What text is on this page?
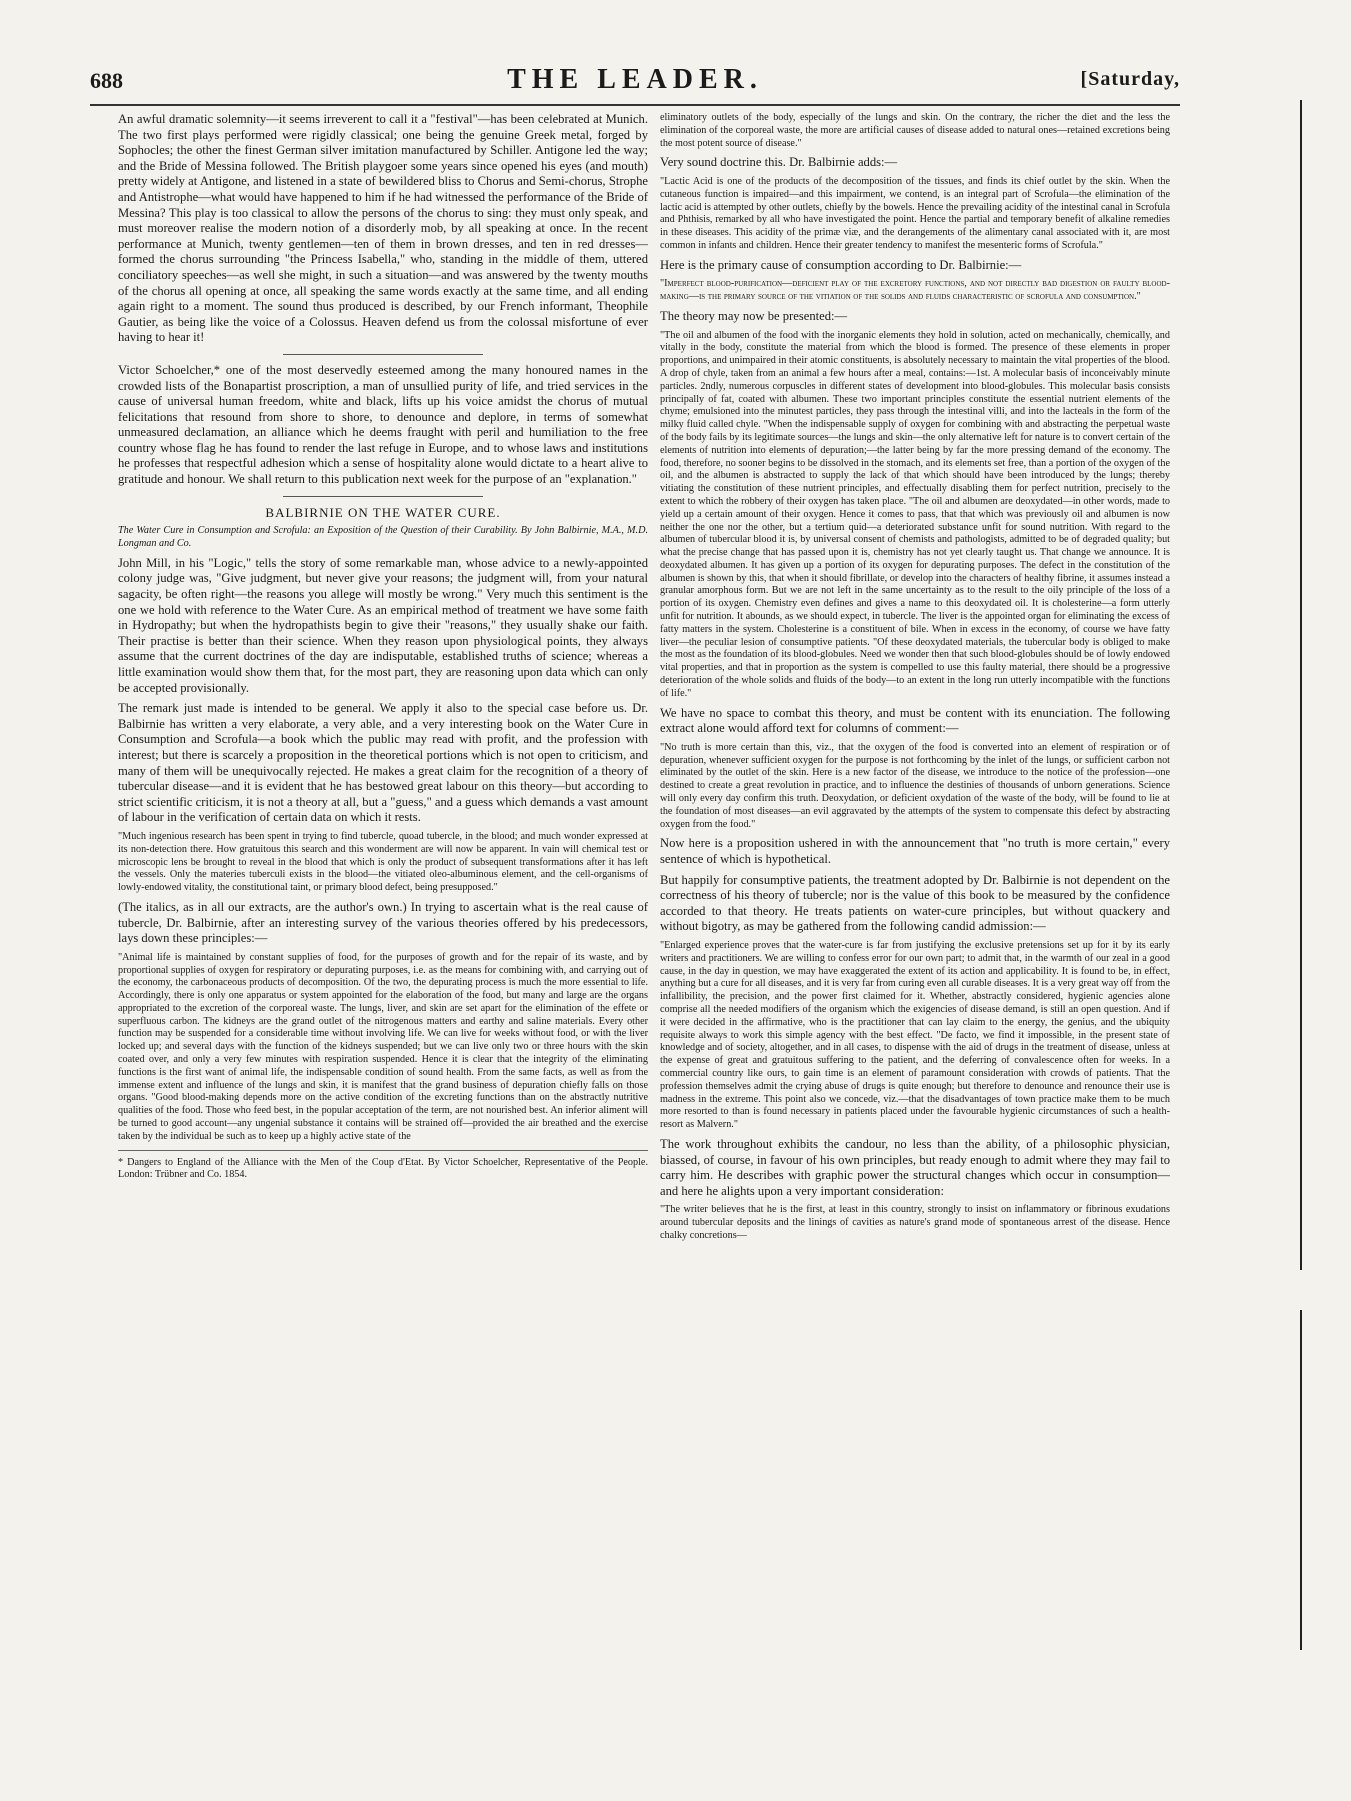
688	THE LEADER.	[Saturday,

An awful dramatic solemnity—it seems irreverent to call it a "festival"—has been celebrated at Munich. The two first plays performed were rigidly classical; one being the genuine Greek metal, forged by Sophocles; the other the finest German silver imitation manufactured by Schiller. Antigone led the way; and the Bride of Messina followed. The British playgoer some years since opened his eyes (and mouth) pretty widely at Antigone, and listened in a state of bewildered bliss to Chorus and Semi-chorus, Strophe and Antistrophe—what would have happened to him if he had witnessed the performance of the Bride of Messina? This play is too classical to allow the persons of the chorus to sing: they must only speak, and must moreover realise the modern notion of a disorderly mob, by all speaking at once. In the recent performance at Munich, twenty gentlemen—ten of them in brown dresses, and ten in red dresses—formed the chorus surrounding "the Princess Isabella," who, standing in the middle of them, uttered conciliatory speeches—as well she might, in such a situation—and was answered by the twenty mouths of the chorus all opening at once, all speaking the same words exactly at the same time, and all ending again right to a moment. The sound thus produced is described, by our French informant, Theophile Gautier, as being like the voice of a Colossus. Heaven defend us from the colossal misfortune of ever having to hear it!

Victor Schoelcher,* one of the most deservedly esteemed among the many honoured names in the crowded lists of the Bonapartist proscription, a man of unsullied purity of life, and tried services in the cause of universal human freedom, white and black, lifts up his voice amidst the chorus of mutual felicitations that resound from shore to shore, to denounce and deplore, in terms of somewhat unmeasured declamation, an alliance which he deems fraught with peril and humiliation to the free country whose flag he has found to render the last refuge in Europe, and to whose laws and institutions he professes that respectful adhesion which a sense of hospitality alone would dictate to a heart alive to gratitude and honour. We shall return to this publication next week for the purpose of an "explanation."

BALBIRNIE ON THE WATER CURE.

The Water Cure in Consumption and Scrofula: an Exposition of the Question of their Curability. By John Balbirnie, M.A., M.D. Longman and Co.

John Mill, in his "Logic," tells the story of some remarkable man, whose advice to a newly-appointed colony judge was, "Give judgment, but never give your reasons; the judgment will, from your natural sagacity, be often right—the reasons you allege will mostly be wrong." Very much this sentiment is the one we hold with reference to the Water Cure. As an empirical method of treatment we have some faith in Hydropathy; but when the hydropathists begin to give their "reasons," they usually shake our faith. Their practise is better than their science. When they reason upon physiological points, they always assume that the current doctrines of the day are indisputable, established truths of science; whereas a little examination would show them that, for the most part, they are reasoning upon data which can only be accepted provisionally.

The remark just made is intended to be general. We apply it also to the special case before us. Dr. Balbirnie has written a very elaborate, a very able, and a very interesting book on the Water Cure in Consumption and Scrofula—a book which the public may read with profit, and the profession with interest; but there is scarcely a proposition in the theoretical portions which is not open to criticism, and many of them will be unequivocally rejected. He makes a great claim for the recognition of a theory of tubercular disease—and it is evident that he has bestowed great labour on this theory—but according to strict scientific criticism, it is not a theory at all, but a "guess," and a guess which demands a vast amount of labour in the verification of certain data on which it rests.

"Much ingenious research has been spent in trying to find tubercle, quoad tubercle, in the blood; and much wonder expressed at its non-detection there. How gratuitous this search and this wonderment are will now be apparent. In vain will chemical test or microscopic lens be brought to reveal in the blood that which is only the product of subsequent transformations after it has left the vessels. Only the materies tuberculi exists in the blood—the vitiated oleo-albuminous element, and the cell-organisms of lowly-endowed vitality, the constitutional taint, or primary blood defect, being presupposed."

(The italics, as in all our extracts, are the author's own.) In trying to ascertain what is the real cause of tubercle, Dr. Balbirnie, after an interesting survey of the various theories offered by his predecessors, lays down these principles:—

"Animal life is maintained by constant supplies of food, for the purposes of growth and for the repair of its waste, and by proportional supplies of oxygen for respiratory or depurating purposes, i.e. as the means for combining with, and carrying out of the economy, the carbonaceous products of decomposition. Of the two, the depurating process is much the more essential to life. Accordingly, there is only one apparatus or system appointed for the elaboration of the food, but many and large are the organs appropriated to the excretion of the corporeal waste. The lungs, liver, and skin are set apart for the elimination of the effete or superfluous carbon. The kidneys are the grand outlet of the nitrogenous matters and earthy and saline materials. Every other function may be suspended for a considerable time without involving life. We can live for weeks without food, or with the liver locked up; and several days with the function of the kidneys suspended; but we can live only two or three hours with the skin coated over, and only a very few minutes with respiration suspended. Hence it is clear that the integrity of the eliminating functions is the first want of animal life, the indispensable condition of sound health. From the same facts, as well as from the immense extent and influence of the lungs and skin, it is manifest that the grand business of depuration chiefly falls on those organs. "Good blood-making depends more on the active condition of the excreting functions than on the abstractly nutritive qualities of the food. Those who feed best, in the popular acceptation of the term, are not nourished best. An inferior aliment will be turned to good account—any ungenial substance it contains will be strained off—provided the air breathed and the exercise taken by the individual be such as to keep up a highly active state of the

* Dangers to England of the Alliance with the Men of the Coup d'Etat. By Victor Schoelcher, Representative of the People. London: Trübner and Co. 1854.

eliminatory outlets of the body, especially of the lungs and skin. On the contrary, the richer the diet and the less the elimination of the corporeal waste, the more are artificial causes of disease added to natural ones—retained excretions being the most potent source of disease."

Very sound doctrine this. Dr. Balbirnie adds:—

"Lactic Acid is one of the products of the decomposition of the tissues, and finds its chief outlet by the skin. When the cutaneous function is impaired—and this impairment, we contend, is an integral part of Scrofula—the elimination of the lactic acid is attempted by other outlets, chiefly by the bowels. Hence the prevailing acidity of the intestinal canal in Scrofula and Phthisis, remarked by all who have investigated the point. Hence the partial and temporary benefit of alkaline remedies in these diseases. This acidity of the primæ viæ, and the derangements of the alimentary canal associated with it, are most common in infants and children. Hence their greater tendency to manifest the mesenteric forms of Scrofula."

Here is the primary cause of consumption according to Dr. Balbirnie:—

"Imperfect blood-purification—deficient play of the excretory functions, and not directly bad digestion or faulty blood-making—is the primary source of the vitiation of the solids and fluids characteristic of scrofula and consumption."

The theory may now be presented:—

"The oil and albumen of the food with the inorganic elements they hold in solution, acted on mechanically, chemically, and vitally in the body, constitute the material from which the blood is formed. The presence of these elements in proper proportions, and unimpaired in their atomic constituents, is absolutely necessary to maintain the vital properties of the blood. A drop of chyle, taken from an animal a few hours after a meal, contains:—1st. A molecular basis of inconceivably minute particles. 2ndly, numerous corpuscles in different states of development into blood-globules. This molecular basis consists principally of fat, coated with albumen. These two important principles constitute the essential nutrient elements of the chyme; emulsioned into the minutest particles, they pass through the intestinal villi, and into the lacteals in the form of the milky fluid called chyle. "When the indispensable supply of oxygen for combining with and abstracting the perpetual waste of the body fails by its legitimate sources—the lungs and skin—the only alternative left for nature is to convert certain of the elements of nutrition into elements of depuration;—the latter being by far the more pressing demand of the economy. The food, therefore, no sooner begins to be dissolved in the stomach, and its elements set free, than a portion of the oxygen of the oil, and the albumen is abstracted to supply the lack of that which should have been introduced by the lungs; thereby vitiating the constitution of these nutrient principles, and effectually disabling them for perfect nutrition, precisely to the extent to which the robbery of their oxygen has taken place. "The oil and albumen are deoxydated—in other words, made to yield up a certain amount of their oxygen. Hence it comes to pass, that that which was previously oil and albumen is now neither the one nor the other, but a tertium quid—a deteriorated substance unfit for sound nutrition. With regard to the albumen of tubercular blood it is, by universal consent of chemists and pathologists, admitted to be of degraded quality; but what the precise change that has passed upon it is, chemistry has not yet clearly taught us. That change we announce. It is deoxydated albumen. It has given up a portion of its oxygen for depurating purposes. The defect in the constitution of the albumen is shown by this, that when it should fibrillate, or develop into the characters of healthy fibrine, it assumes instead a granular amorphous form. But we are not left in the same uncertainty as to the result to the oily principle of the loss of a portion of its oxygen. Chemistry even defines and gives a name to this deoxydated oil. It is cholesterine—a form utterly unfit for nutrition. It abounds, as we should expect, in tubercle. The liver is the appointed organ for eliminating the excess of fatty matters in the system. Cholesterine is a constituent of bile. When in excess in the economy, of course we have fatty liver—the peculiar lesion of consumptive patients. "Of these deoxydated materials, the tubercular body is obliged to make the most as the foundation of its blood-globules. Need we wonder then that such blood-globules should be of lowly endowed vital properties, and that in proportion as the system is compelled to use this faulty material, there should be a progressive deterioration of the whole solids and fluids of the body—to an extent in the long run utterly incompatible with the functions of life."

We have no space to combat this theory, and must be content with its enunciation. The following extract alone would afford text for columns of comment:—

"No truth is more certain than this, viz., that the oxygen of the food is converted into an element of respiration or of depuration, whenever sufficient oxygen for the purpose is not forthcoming by the inlet of the lungs, or sufficient carbon not eliminated by the outlet of the skin. Here is a new factor of the disease, we introduce to the notice of the profession—one destined to create a great revolution in practice, and to influence the destinies of thousands of unborn generations. Science will only every day confirm this truth. Deoxydation, or deficient oxydation of the waste of the body, will be found to lie at the foundation of most diseases—an evil aggravated by the attempts of the system to compensate this defect by abstracting oxygen from the food."

Now here is a proposition ushered in with the announcement that "no truth is more certain," every sentence of which is hypothetical.

But happily for consumptive patients, the treatment adopted by Dr. Balbirnie is not dependent on the correctness of his theory of tubercle; nor is the value of this book to be measured by the confidence accorded to that theory. He treats patients on water-cure principles, but without quackery and without bigotry, as may be gathered from the following candid admission:—

"Enlarged experience proves that the water-cure is far from justifying the exclusive pretensions set up for it by its early writers and practitioners. We are willing to confess error for our own part; to admit that, in the warmth of our zeal in a good cause, in the day in question, we may have exaggerated the extent of its action and applicability. It is found to be, in effect, anything but a cure for all diseases, and it is very far from curing even all curable diseases. It is a very great way off from the infallibility, the precision, and the power first claimed for it. Whether, abstractly considered, hygienic agencies alone comprise all the needed modifiers of the organism which the exigencies of disease demand, is still an open question. And if it were decided in the affirmative, who is the practitioner that can lay claim to the energy, the genius, and the ubiquity requisite always to work this simple agency with the best effect. "De facto, we find it impossible, in the present state of knowledge and of society, altogether, and in all cases, to dispense with the aid of drugs in the treatment of disease, unless at the expense of great and gratuitous suffering to the patient, and the deferring of convalescence often for weeks. In a commercial country like ours, to gain time is an element of paramount consideration with crowds of patients. That the profession themselves admit the crying abuse of drugs is quite enough; but therefore to denounce and renounce their use is madness in the extreme. This point also we concede, viz.—that the disadvantages of town practice make them to be much more resorted to than is found necessary in patients placed under the favourable hygienic circumstances of such a health-resort as Malvern."

The work throughout exhibits the candour, no less than the ability, of a philosophic physician, biassed, of course, in favour of his own principles, but ready enough to admit where they may fail to carry him. He describes with graphic power the structural changes which occur in consumption—and here he alights upon a very important consideration:

"The writer believes that he is the first, at least in this country, strongly to insist on inflammatory or fibrinous exudations around tubercular deposits and the linings of cavities as nature's grand mode of spontaneous arrest of the disease. Hence chalky concretions—
